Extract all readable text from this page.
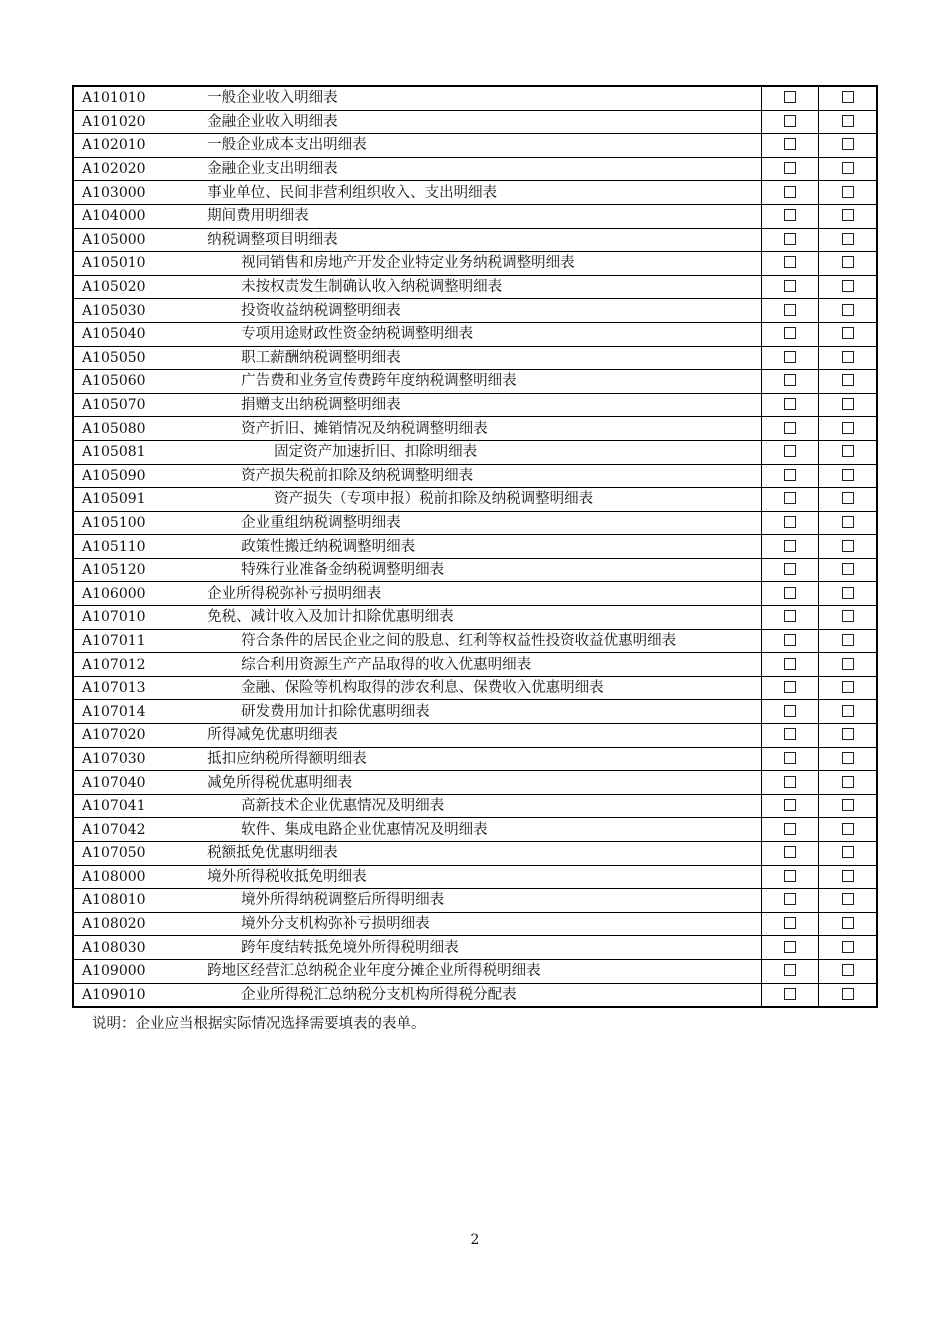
A101010	一般企业收入明细表		
A101020	金融企业收入明细表		
A102010	一般企业成本支出明细表		
A102020	金融企业支出明细表		
A103000	事业单位、民间非营利组织收入、支出明细表		
A104000	期间费用明细表		
A105000	纳税调整项目明细表		
A105010	视同销售和房地产开发企业特定业务纳税调整明细表		
A105020	未按权责发生制确认收入纳税调整明细表		
A105030	投资收益纳税调整明细表		
A105040	专项用途财政性资金纳税调整明细表		
A105050	职工薪酬纳税调整明细表		
A105060	广告费和业务宣传费跨年度纳税调整明细表		
A105070	捐赠支出纳税调整明细表		
A105080	资产折旧、摊销情况及纳税调整明细表		
A105081	固定资产加速折旧、扣除明细表		
A105090	资产损失税前扣除及纳税调整明细表		
A105091	资产损失（专项申报）税前扣除及纳税调整明细表		
A105100	企业重组纳税调整明细表		
A105110	政策性搬迁纳税调整明细表		
A105120	特殊行业准备金纳税调整明细表		
A106000	企业所得税弥补亏损明细表		
A107010	免税、减计收入及加计扣除优惠明细表		
A107011	符合条件的居民企业之间的股息、红利等权益性投资收益优惠明细表		
A107012	综合利用资源生产产品取得的收入优惠明细表		
A107013	金融、保险等机构取得的涉农利息、保费收入优惠明细表		
A107014	研发费用加计扣除优惠明细表		
A107020	所得减免优惠明细表		
A107030	抵扣应纳税所得额明细表		
A107040	减免所得税优惠明细表		
A107041	高新技术企业优惠情况及明细表		
A107042	软件、集成电路企业优惠情况及明细表		
A107050	税额抵免优惠明细表		
A108000	境外所得税收抵免明细表		
A108010	境外所得纳税调整后所得明细表		
A108020	境外分支机构弥补亏损明细表		
A108030	跨年度结转抵免境外所得税明细表		
A109000	跨地区经营汇总纳税企业年度分摊企业所得税明细表		
A109010	企业所得税汇总纳税分支机构所得税分配表		
说明：企业应当根据实际情况选择需要填表的表单。
2
